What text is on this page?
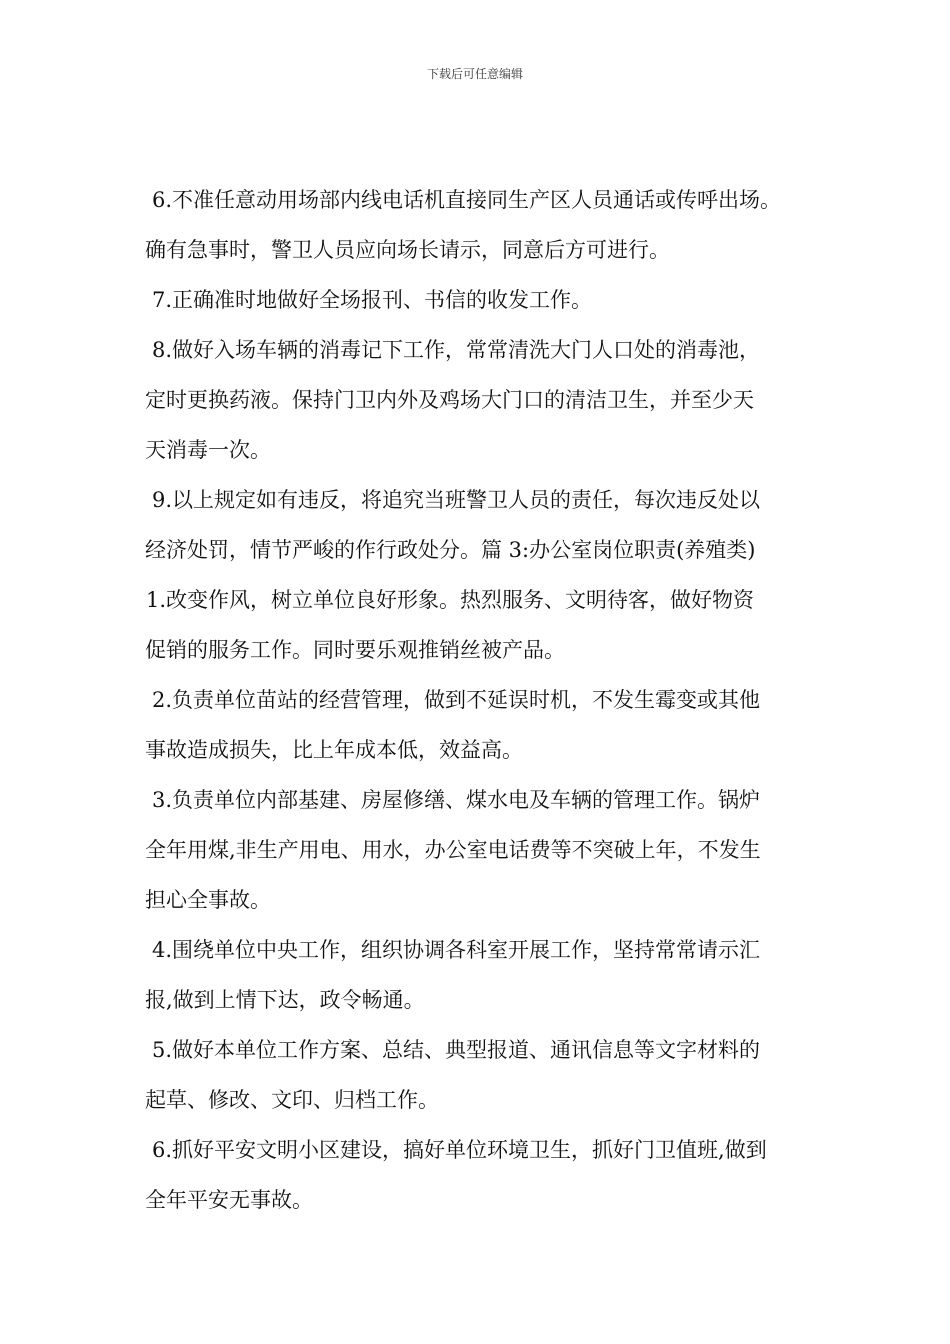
下载后可任意编辑
6.不准任意动用场部内线电话机直接同生产区人员通话或传呼出场。
确有急事时，警卫人员应向场长请示，同意后方可进行。
7.正确准时地做好全场报刊、书信的收发工作。
8.做好入场车辆的消毒记下工作，常常清洗大门人口处的消毒池，
定时更换药液。保持门卫内外及鸡场大门口的清洁卫生，并至少天
天消毒一次。
9.以上规定如有违反，将追究当班警卫人员的责任，每次违反处以
经济处罚，情节严峻的作行政处分。篇 3:办公室岗位职责(养殖类)
1.改变作风，树立单位良好形象。热烈服务、文明待客，做好物资
促销的服务工作。同时要乐观推销丝被产品。
2.负责单位苗站的经营管理，做到不延误时机，不发生霉变或其他
事故造成损失，比上年成本低，效益高。
3.负责单位内部基建、房屋修缮、煤水电及车辆的管理工作。锅炉
全年用煤,非生产用电、用水，办公室电话费等不突破上年，不发生
担心全事故。
4.围绕单位中央工作，组织协调各科室开展工作，坚持常常请示汇
报,做到上情下达，政令畅通。
5.做好本单位工作方案、总结、典型报道、通讯信息等文字材料的
起草、修改、文印、归档工作。
6.抓好平安文明小区建设，搞好单位环境卫生，抓好门卫值班,做到
全年平安无事故。
